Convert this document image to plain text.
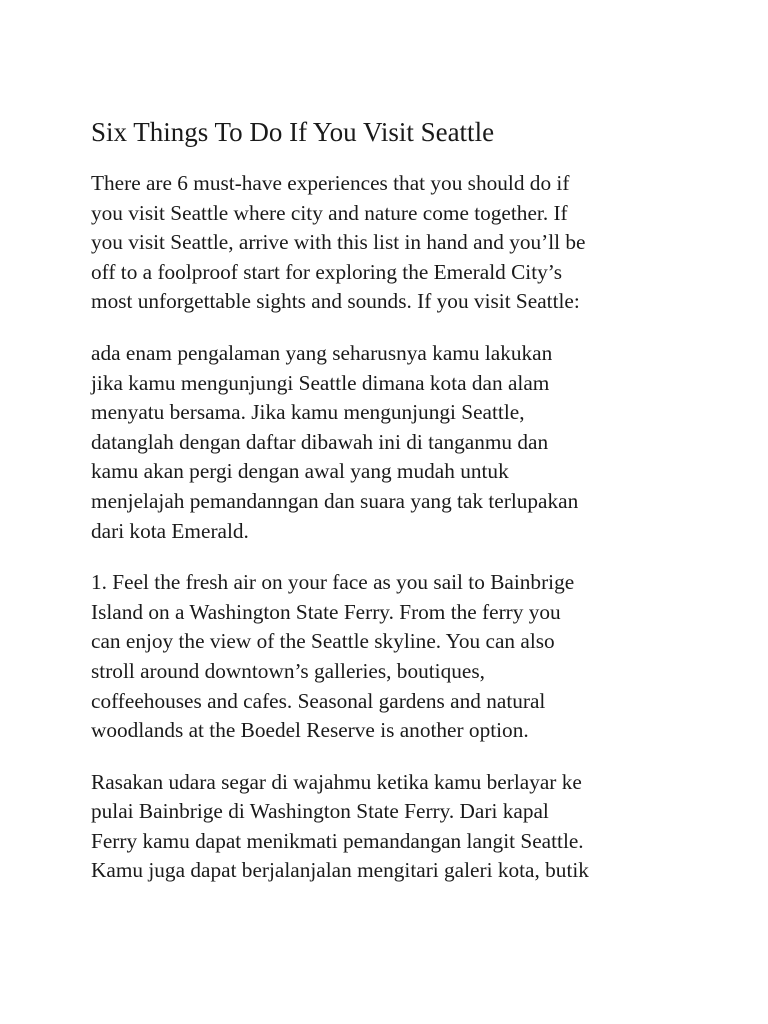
Six Things To Do If You Visit Seattle

There are 6 must-have experiences that you should do if
you visit Seattle where city and nature come together. If
you visit Seattle, arrive with this list in hand and you’ll be
off to a foolproof start for exploring the Emerald City’s
most unforgettable sights and sounds. If you visit Seattle:

ada enam pengalaman yang seharusnya kamu lakukan
jika kamu mengunjungi Seattle dimana kota dan alam
menyatu bersama. Jika kamu mengunjungi Seattle,
datanglah dengan daftar dibawah ini di tanganmu dan
kamu akan pergi dengan awal yang mudah untuk
menjelajah pemandanngan dan suara yang tak terlupakan
dari kota Emerald.

1. Feel the fresh air on your face as you sail to Bainbrige
Island on a Washington State Ferry. From the ferry you
can enjoy the view of the Seattle skyline. You can also
stroll around downtown’s galleries, boutiques,
coffeehouses and cafes. Seasonal gardens and natural
woodlands at the Boedel Reserve is another option.

Rasakan udara segar di wajahmu ketika kamu berlayar ke
pulai Bainbrige di Washington State Ferry. Dari kapal
Ferry kamu dapat menikmati pemandangan langit Seattle.
Kamu juga dapat berjalanjalan mengitari galeri kota, butik
